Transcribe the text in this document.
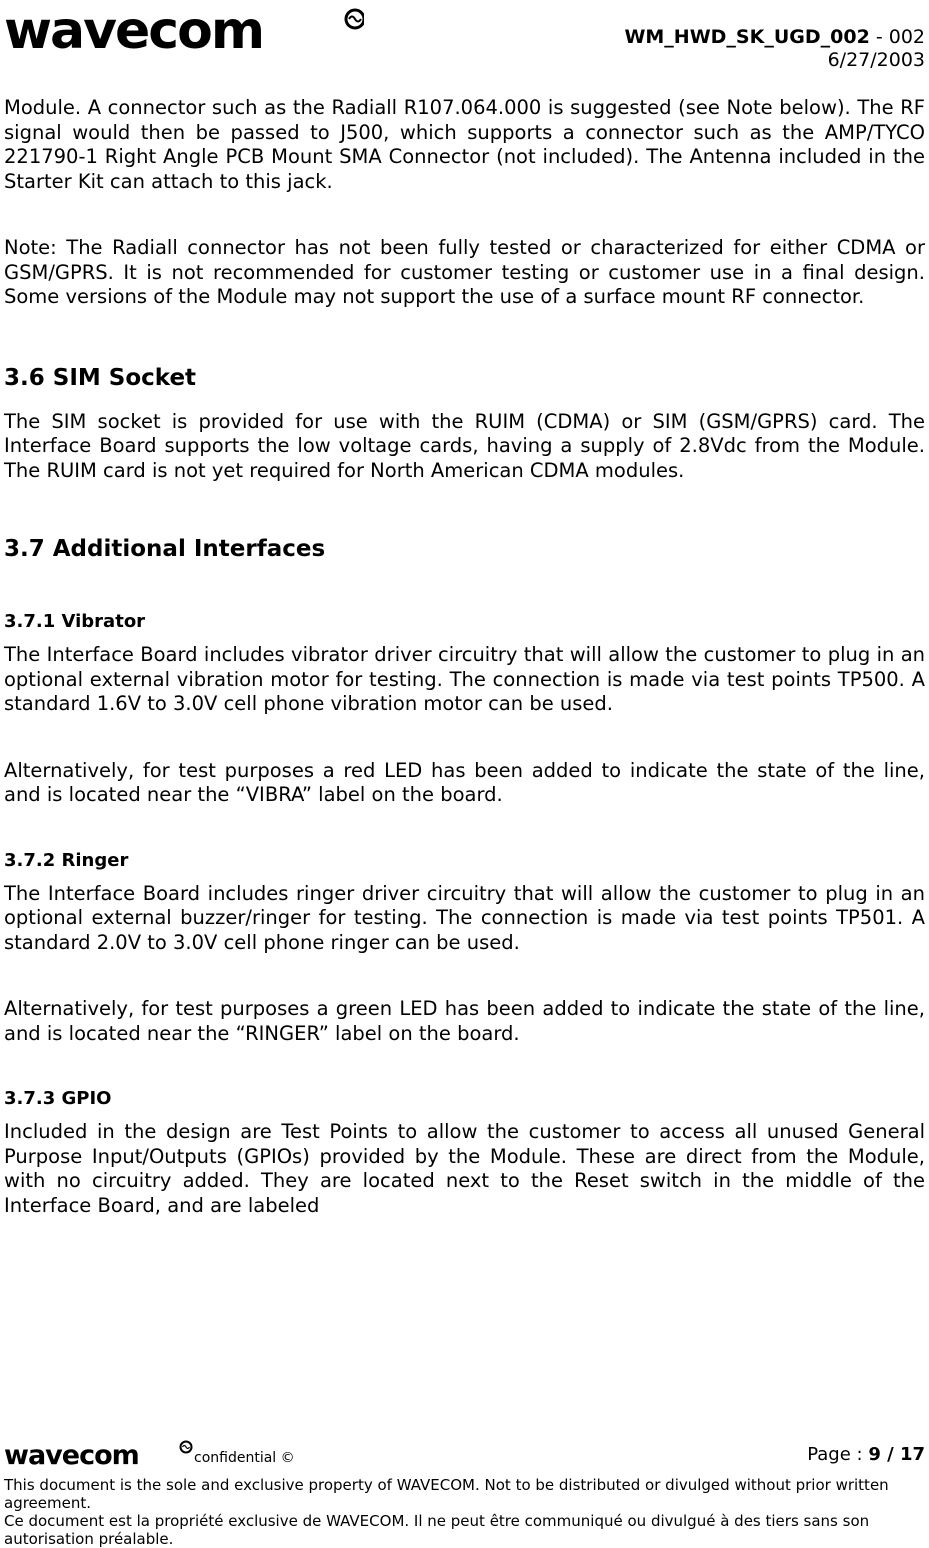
wavecom	WM_HWD_SK_UGD_002 - 002
6/27/2003

Module. A connector such as the Radiall R107.064.000 is suggested (see Note below). The RF signal would then be passed to J500, which supports a connector such as the AMP/TYCO 221790-1 Right Angle PCB Mount SMA Connector (not included). The Antenna included in the Starter Kit can attach to this jack.

Note: The Radiall connector has not been fully tested or characterized for either CDMA or GSM/GPRS. It is not recommended for customer testing or customer use in a final design. Some versions of the Module may not support the use of a surface mount RF connector.

3.6 SIM Socket

The SIM socket is provided for use with the RUIM (CDMA) or SIM (GSM/GPRS) card. The Interface Board supports the low voltage cards, having a supply of 2.8Vdc from the Module. The RUIM card is not yet required for North American CDMA modules.

3.7 Additional Interfaces
3.7.1 Vibrator

The Interface Board includes vibrator driver circuitry that will allow the customer to plug in an optional external vibration motor for testing. The connection is made via test points TP500. A standard 1.6V to 3.0V cell phone vibration motor can be used.

Alternatively, for test purposes a red LED has been added to indicate the state of the line, and is located near the “VIBRA” label on the board.

3.7.2 Ringer

The Interface Board includes ringer driver circuitry that will allow the customer to plug in an optional external buzzer/ringer for testing. The connection is made via test points TP501. A standard 2.0V to 3.0V cell phone ringer can be used.

Alternatively, for test purposes a green LED has been added to indicate the state of the line, and is located near the “RINGER” label on the board.

3.7.3 GPIO

Included in the design are Test Points to allow the customer to access all unused General Purpose Input/Outputs (GPIOs) provided by the Module. These are direct from the Module, with no circuitry added. They are located next to the Reset switch in the middle of the Interface Board, and are labeled

wavecom	confidential ©	Page : 9 / 17
This document is the sole and exclusive property of WAVECOM. Not to be distributed or divulged without prior written agreement.
Ce document est la propriété exclusive de WAVECOM. Il ne peut être communiqué ou divulgué à des tiers sans son autorisation préalable.
